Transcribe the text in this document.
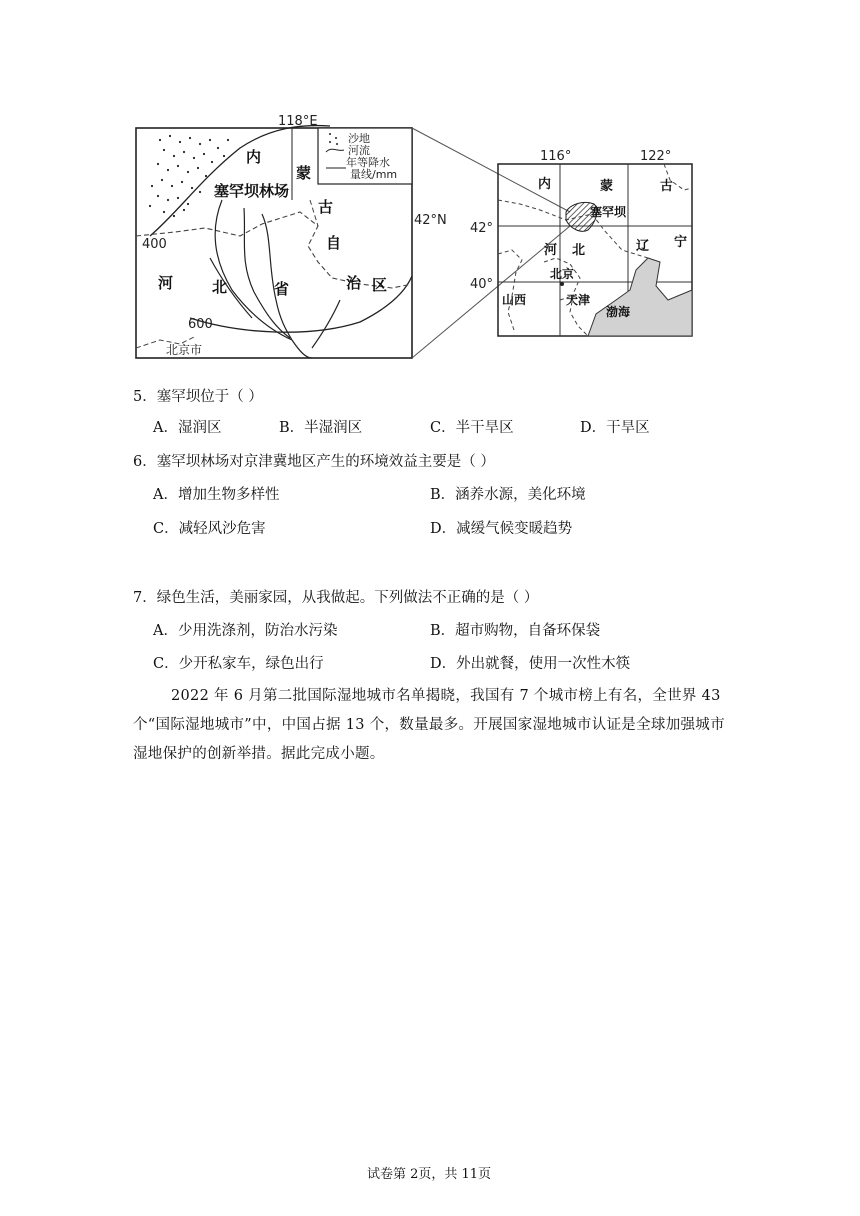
沙地
河流
年等降水
量线/mm
118°E
42°N
400
600
塞罕坝林场
内
蒙
古
自
治 区
河	北	省
北京市
116°	122°
42°
40°
内	蒙	古
塞罕坝
河 北	辽 宁
北京
山西	天津
渤海
5．塞罕坝位于（ ）
A．湿润区	B．半湿润区	C．半干旱区	D．干旱区
6．塞罕坝林场对京津冀地区产生的环境效益主要是（ ）
A．增加生物多样性	B．涵养水源，美化环境
C．减轻风沙危害	D．减缓气候变暖趋势
7．绿色生活，美丽家园，从我做起。下列做法不正确的是（ ）
A．少用洗涤剂，防治水污染	B．超市购物，自备环保袋
C．少开私家车，绿色出行	D．外出就餐，使用一次性木筷
2022 年 6 月第二批国际湿地城市名单揭晓，我国有 7 个城市榜上有名，全世界 43 个“国际湿地城市”中，中国占据 13 个，数量最多。开展国家湿地城市认证是全球加强城市湿地保护的创新举措。据此完成小题。
试卷第 2页，共 11页
